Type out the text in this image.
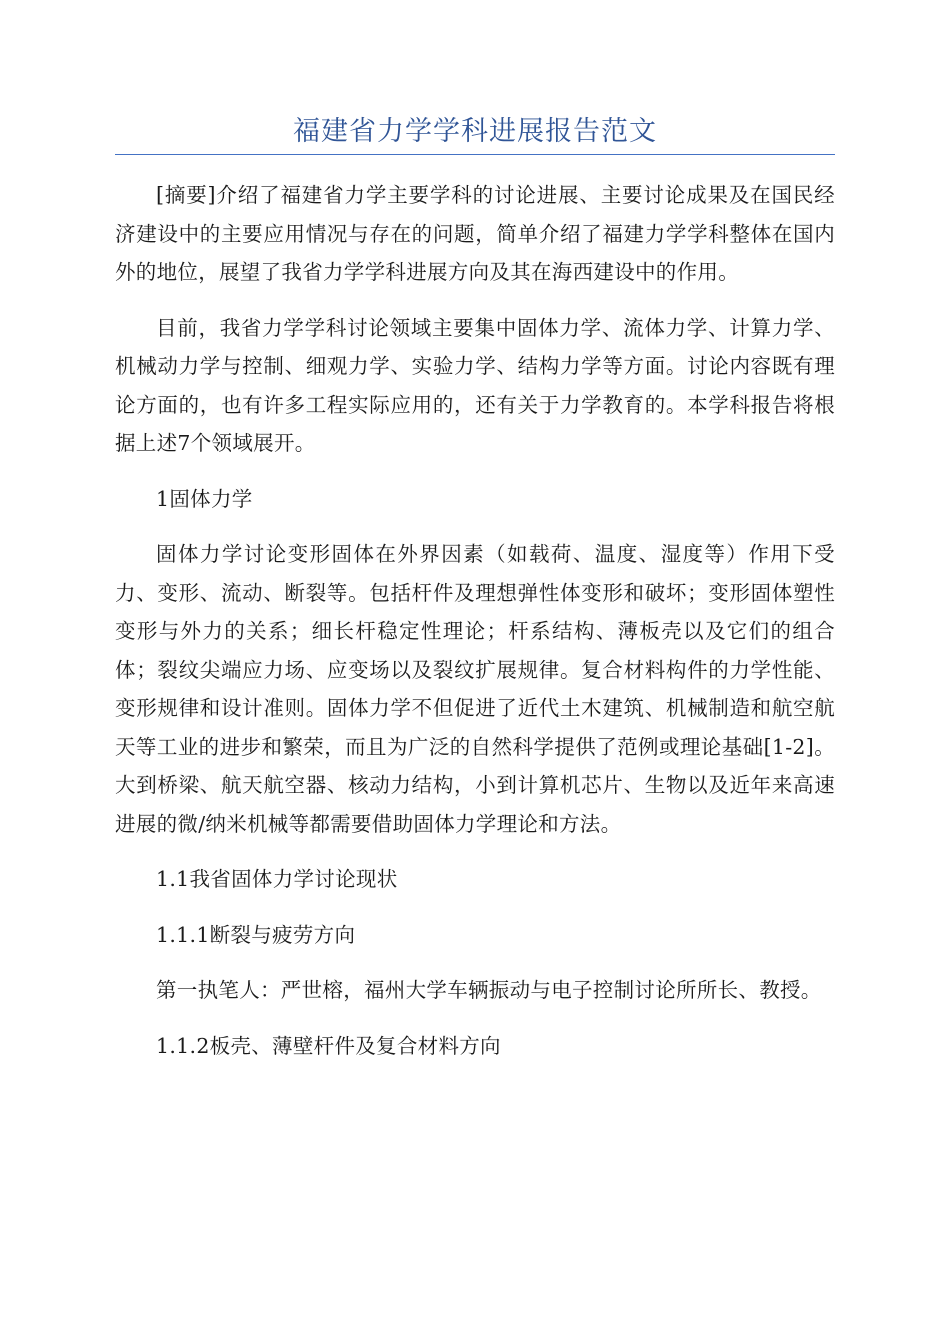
福建省力学学科进展报告范文

[摘要]介绍了福建省力学主要学科的讨论进展、主要讨论成果及在国民经济建设中的主要应用情况与存在的问题，简单介绍了福建力学学科整体在国内外的地位，展望了我省力学学科进展方向及其在海西建设中的作用。

目前，我省力学学科讨论领域主要集中固体力学、流体力学、计算力学、机械动力学与控制、细观力学、实验力学、结构力学等方面。讨论内容既有理论方面的，也有许多工程实际应用的，还有关于力学教育的。本学科报告将根据上述7个领域展开。

1固体力学

固体力学讨论变形固体在外界因素（如载荷、温度、湿度等）作用下受力、变形、流动、断裂等。包括杆件及理想弹性体变形和破坏；变形固体塑性变形与外力的关系；细长杆稳定性理论；杆系结构、薄板壳以及它们的组合体；裂纹尖端应力场、应变场以及裂纹扩展规律。复合材料构件的力学性能、变形规律和设计准则。固体力学不但促进了近代土木建筑、机械制造和航空航天等工业的进步和繁荣，而且为广泛的自然科学提供了范例或理论基础[1-2]。大到桥梁、航天航空器、核动力结构，小到计算机芯片、生物以及近年来高速进展的微/纳米机械等都需要借助固体力学理论和方法。

1.1我省固体力学讨论现状

1.1.1断裂与疲劳方向

第一执笔人：严世榕，福州大学车辆振动与电子控制讨论所所长、教授。

1.1.2板壳、薄壁杆件及复合材料方向
